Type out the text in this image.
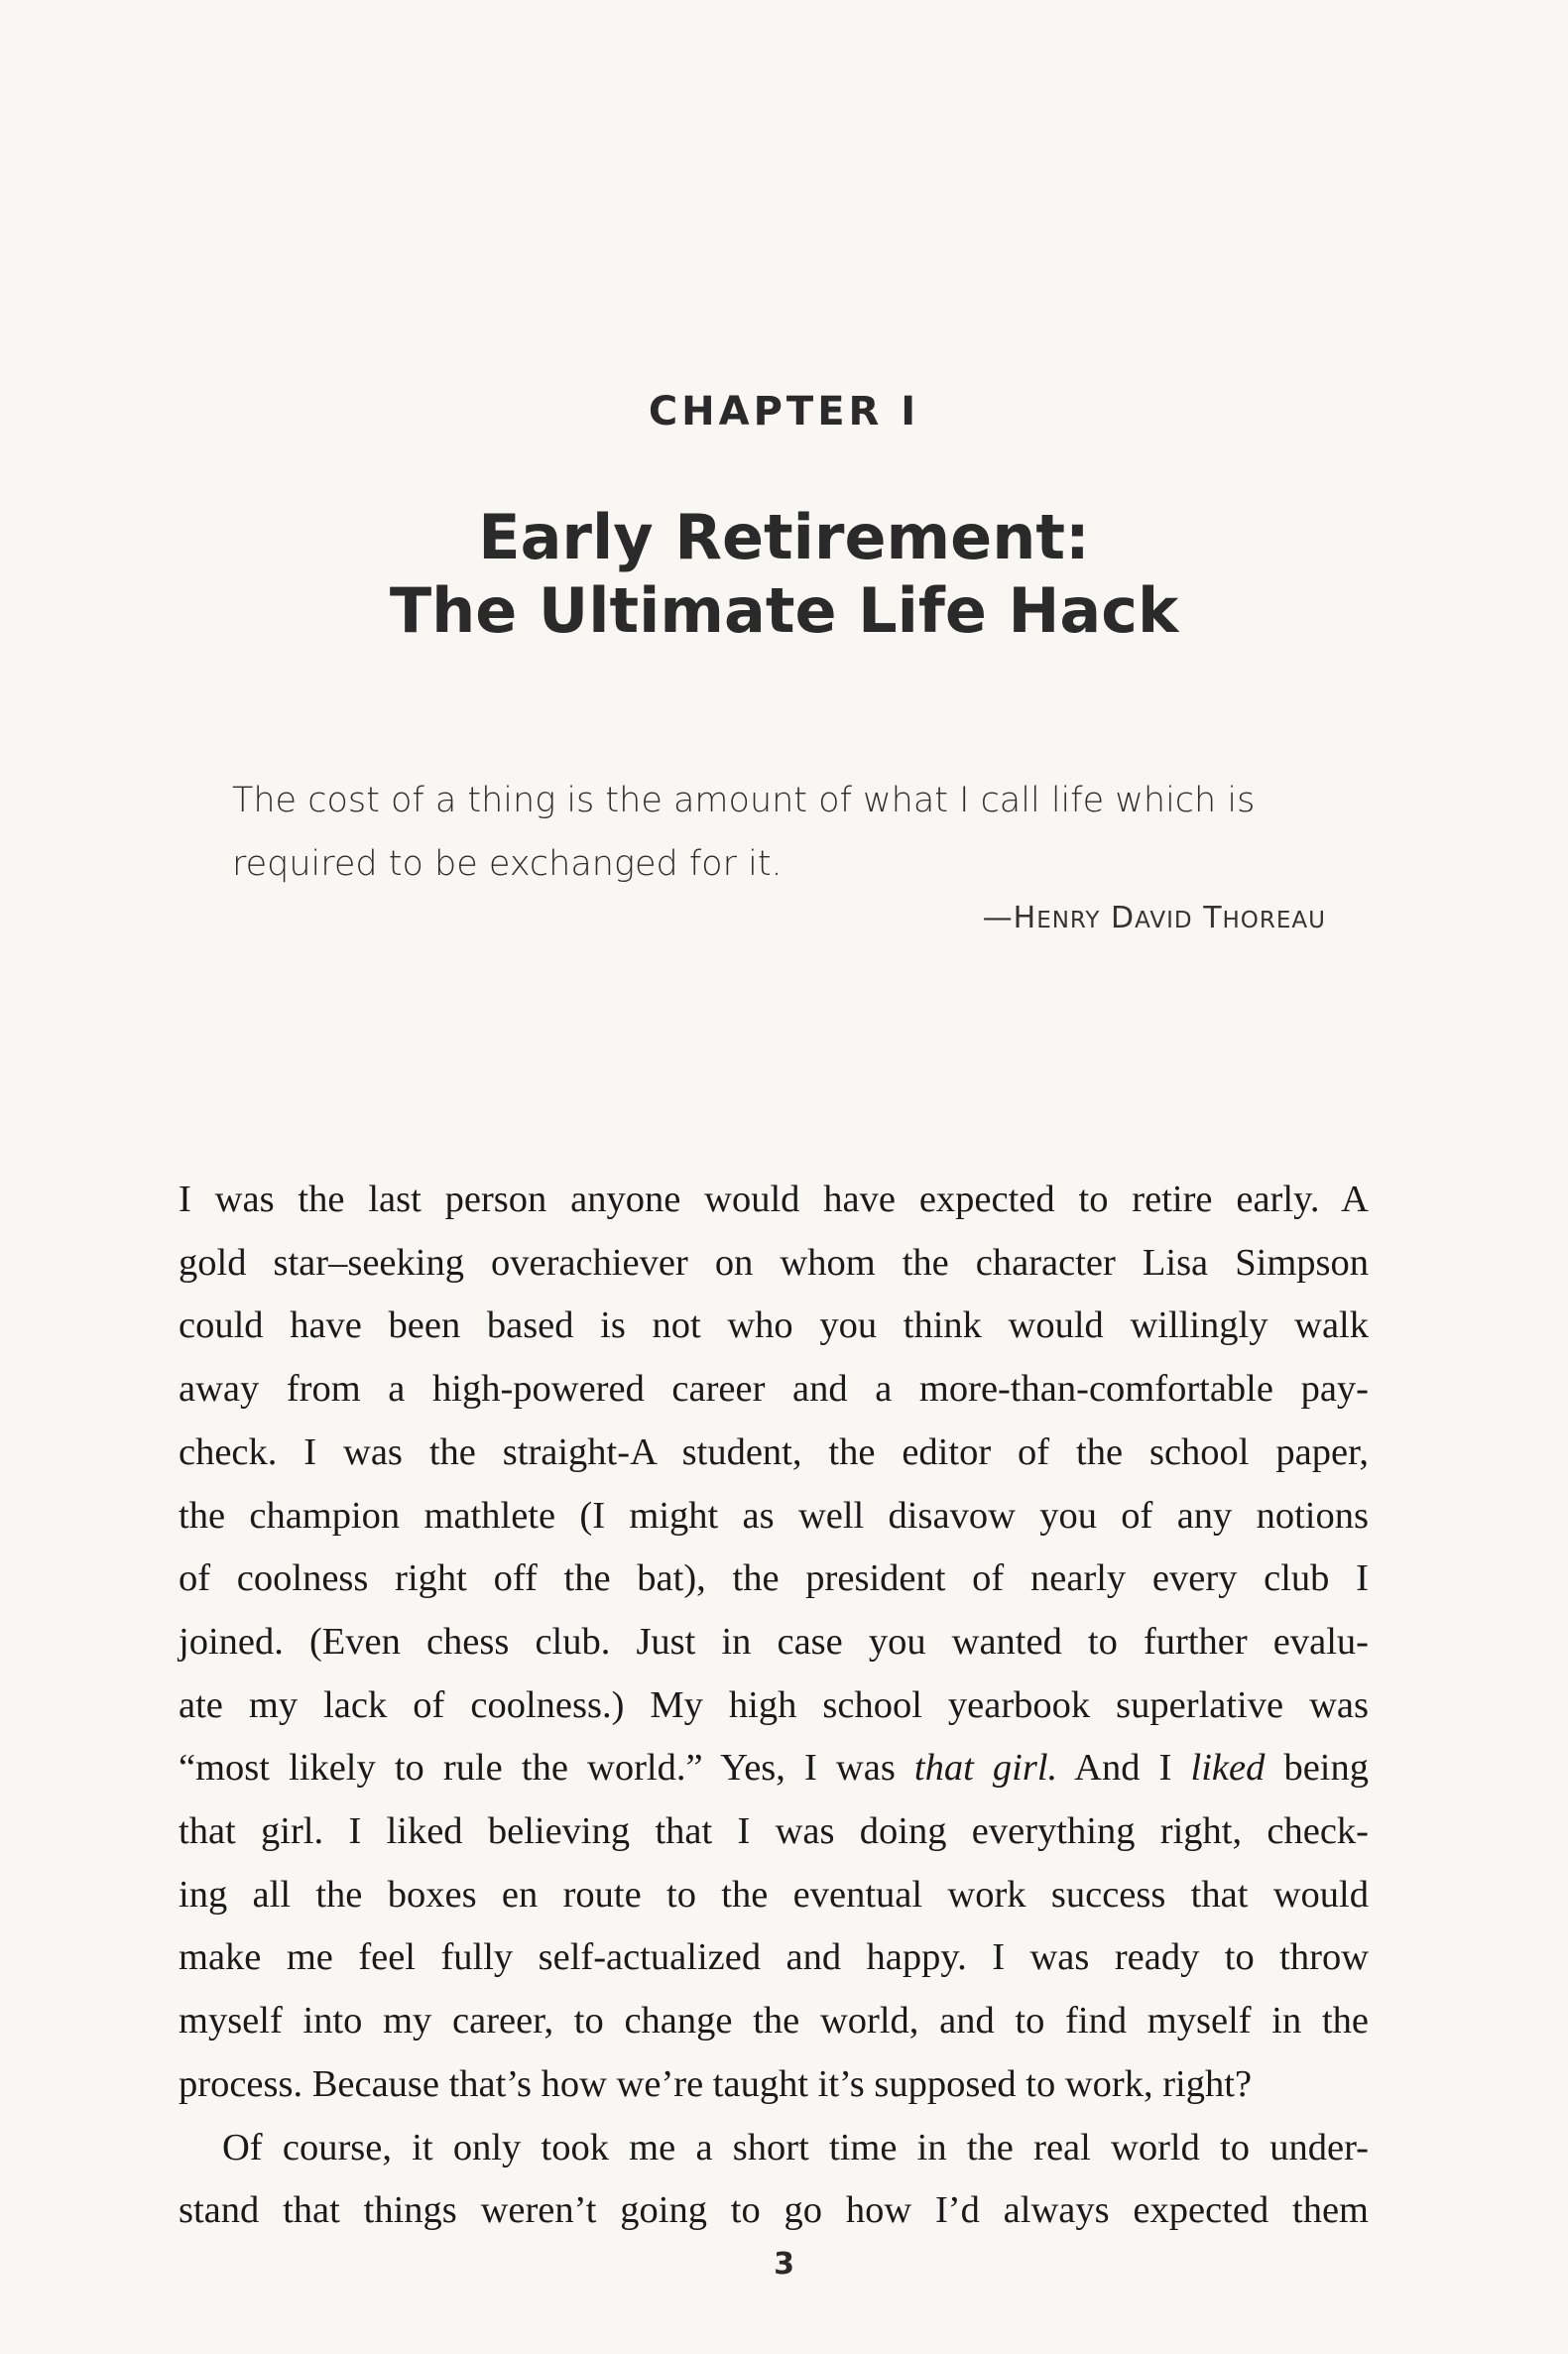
CHAPTER I
Early Retirement:
The Ultimate Life Hack
The cost of a thing is the amount of what I call life which is
required to be exchanged for it.

—HENRY DAVID THOREAU

I was the last person anyone would have expected to retire early. A
gold star–seeking overachiever on whom the character Lisa Simpson
could have been based is not who you think would willingly walk
away from a high-powered career and a more-than-comfortable pay-
check. I was the straight-A student, the editor of the school paper,
the champion mathlete (I might as well disavow you of any notions
of coolness right off the bat), the president of nearly every club I
joined. (Even chess club. Just in case you wanted to further evalu-
ate my lack of coolness.) My high school yearbook superlative was
“most likely to rule the world.” Yes, I was that girl. And I liked being
that girl. I liked believing that I was doing everything right, check-
ing all the boxes en route to the eventual work success that would
make me feel fully self-actualized and happy. I was ready to throw
myself into my career, to change the world, and to find myself in the
process. Because that’s how we’re taught it’s supposed to work, right?
Of course, it only took me a short time in the real world to under-
stand that things weren’t going to go how I’d always expected them
3
